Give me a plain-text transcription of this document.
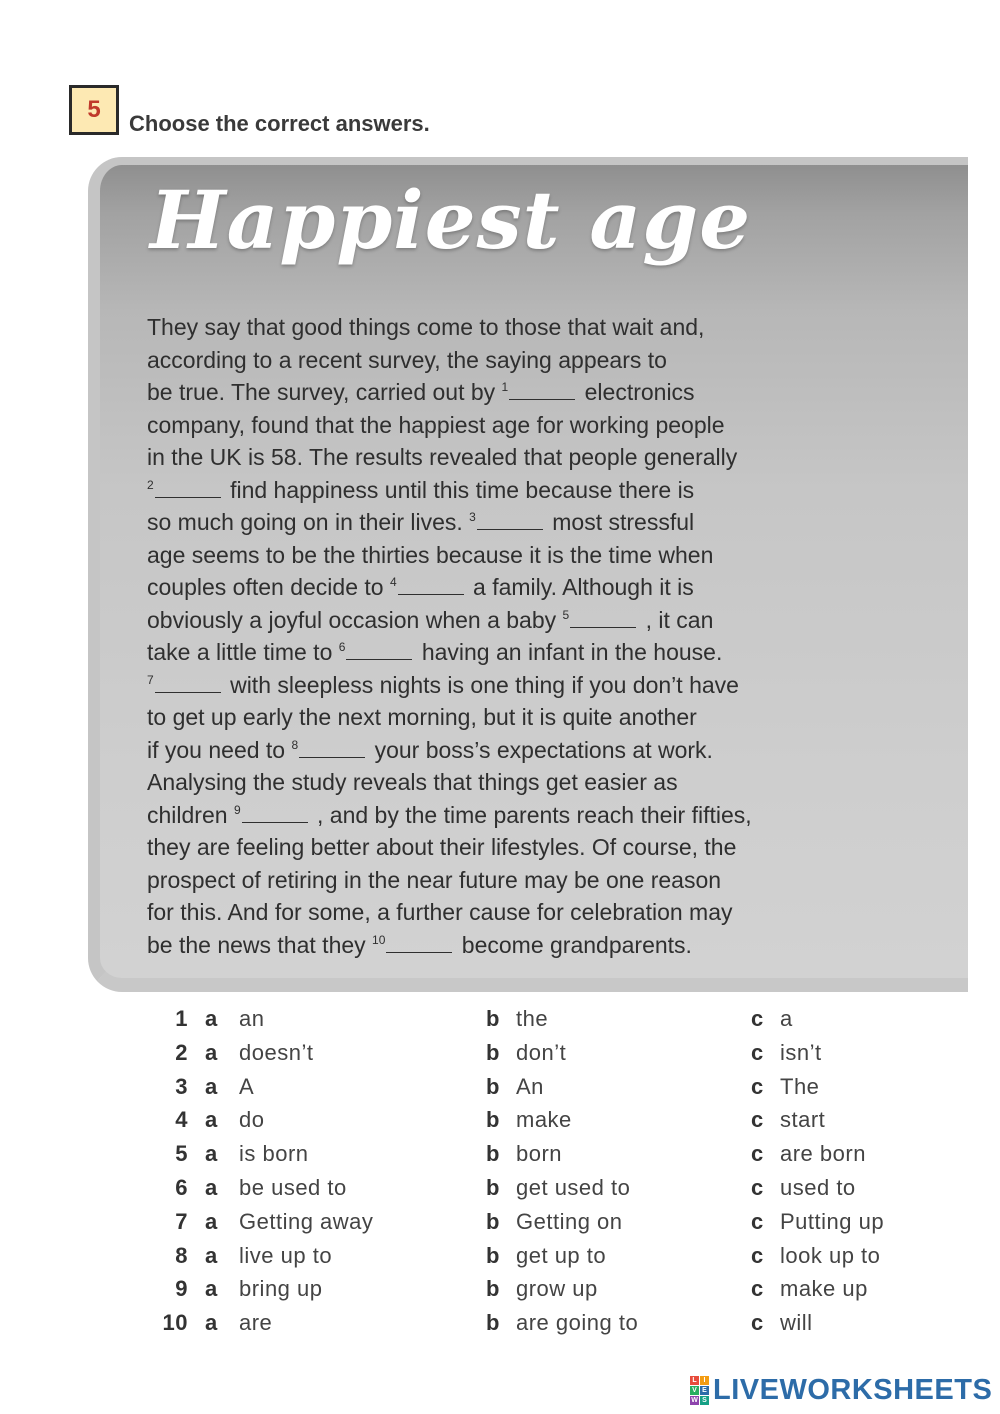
5
Choose the correct answers.
Happiest age
They say that good things come to those that wait and,
according to a recent survey, the saying appears to
be true. The survey, carried out by $^1$	electronics
company, found that the happiest age for working people
in the UK is 58. The results revealed that people generally
$^2$	find happiness until this time because there is
so much going on in their lives. $^3$	most stressful
age seems to be the thirties because it is the time when
couples often decide to $^4$	a family. Although it is
obviously a joyful occasion when a baby $^5$	, it can
take a little time to $^6$	having an infant in the house.
$^7$	with sleepless nights is one thing if you don’t have
to get up early the next morning, but it is quite another
if you need to $^8$	your boss’s expectations at work.
Analysing the study reveals that things get easier as
children $^9$	, and by the time parents reach their fifties,
they are feeling better about their lifestyles. Of course, the
prospect of retiring in the near future may be one reason
for this. And for some, a further cause for celebration may
be the news that they $^{10}$	become grandparents.
1 a an	b the	c a
2 a doesn’t	b don’t	c isn’t
3 a A	b An	c The
4 a do	b make	c start
5 a is born	b born	c are born
6 a be used to	b get used to	c used to
7 a Getting away	b Getting on	c Putting up
8 a live up to	b get up to	c look up to
9 a bring up	b grow up	c make up
10 a are	b are going to	c will
L I
V E
W S LIVEWORKSHEETS
